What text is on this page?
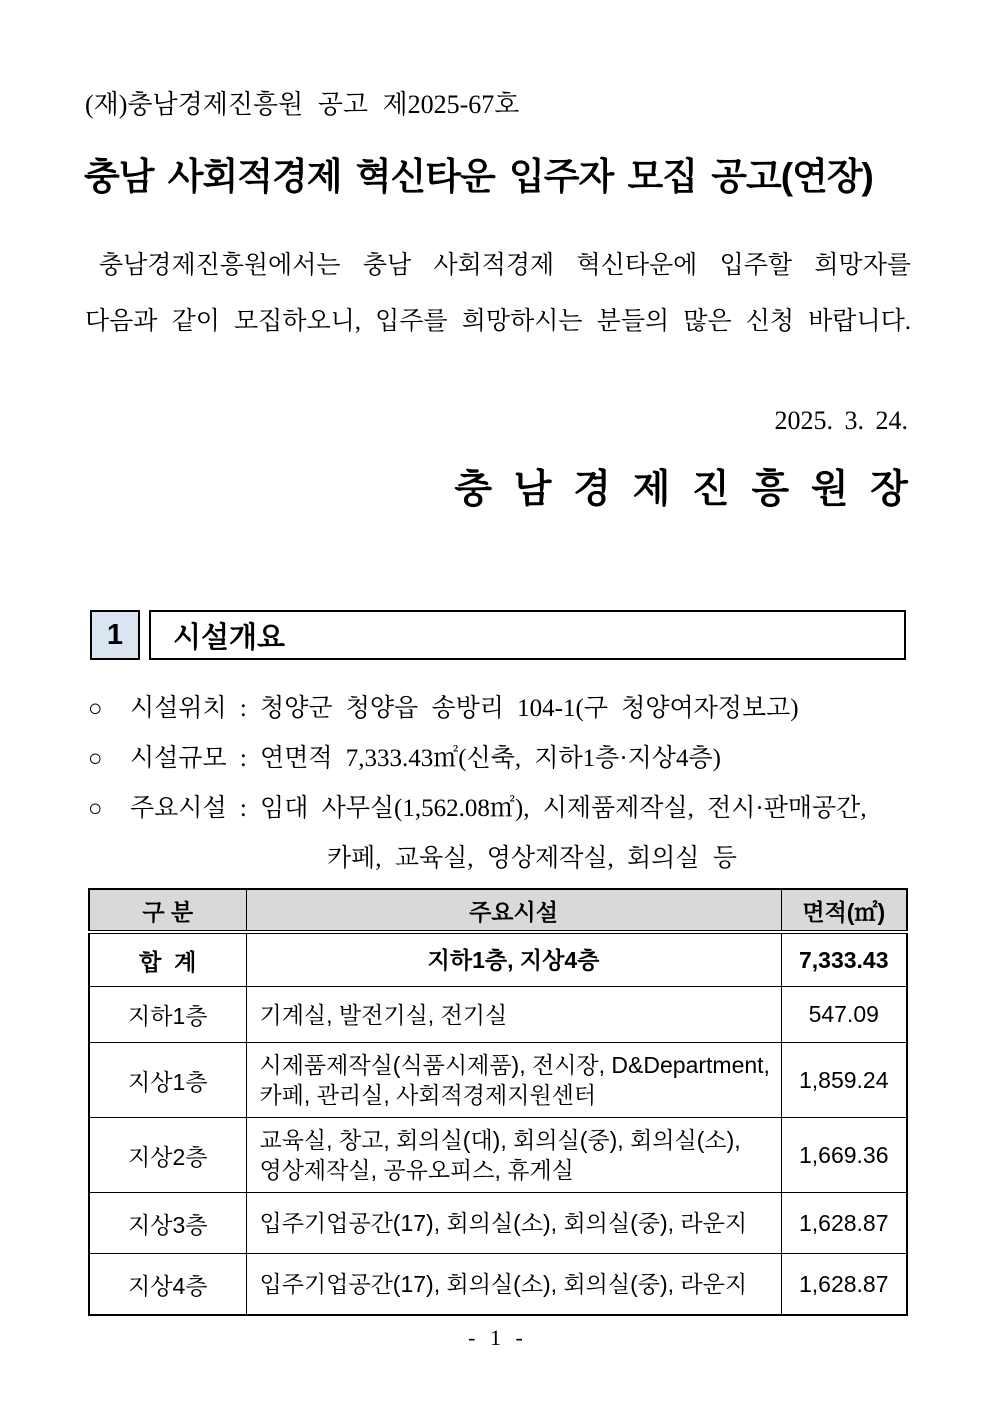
(재)충남경제진흥원 공고 제2025-67호
충남 사회적경제 혁신타운 입주자 모집 공고(연장)
충남경제진흥원에서는 충남 사회적경제 혁신타운에 입주할 희망자를
다음과 같이 모집하오니, 입주를 희망하시는 분들의 많은 신청 바랍니다.
2025. 3. 24.
충 남 경 제 진 흥 원 장
1	시설개요
○ 시설위치 : 청양군 청양읍 송방리 104-1(구 청양여자정보고)
○ 시설규모 : 연면적 7,333.43㎡(신축, 지하1층·지상4층)
○ 주요시설 : 임대 사무실(1,562.08㎡), 시제품제작실, 전시·판매공간,
카페, 교육실, 영상제작실, 회의실 등
구 분	주요시설	면적(㎡)
합  계	지하1층, 지상4층	7,333.43
지하1층	기계실, 발전기실, 전기실	547.09
지상1층	시제품제작실(식품시제품), 전시장, D&Department,
카페, 관리실, 사회적경제지원센터	1,859.24
지상2층	교육실, 창고, 회의실(대), 회의실(중), 회의실(소),
영상제작실, 공유오피스, 휴게실	1,669.36
지상3층	입주기업공간(17), 회의실(소), 회의실(중), 라운지	1,628.87
지상4층	입주기업공간(17), 회의실(소), 회의실(중), 라운지	1,628.87
- 1 -
